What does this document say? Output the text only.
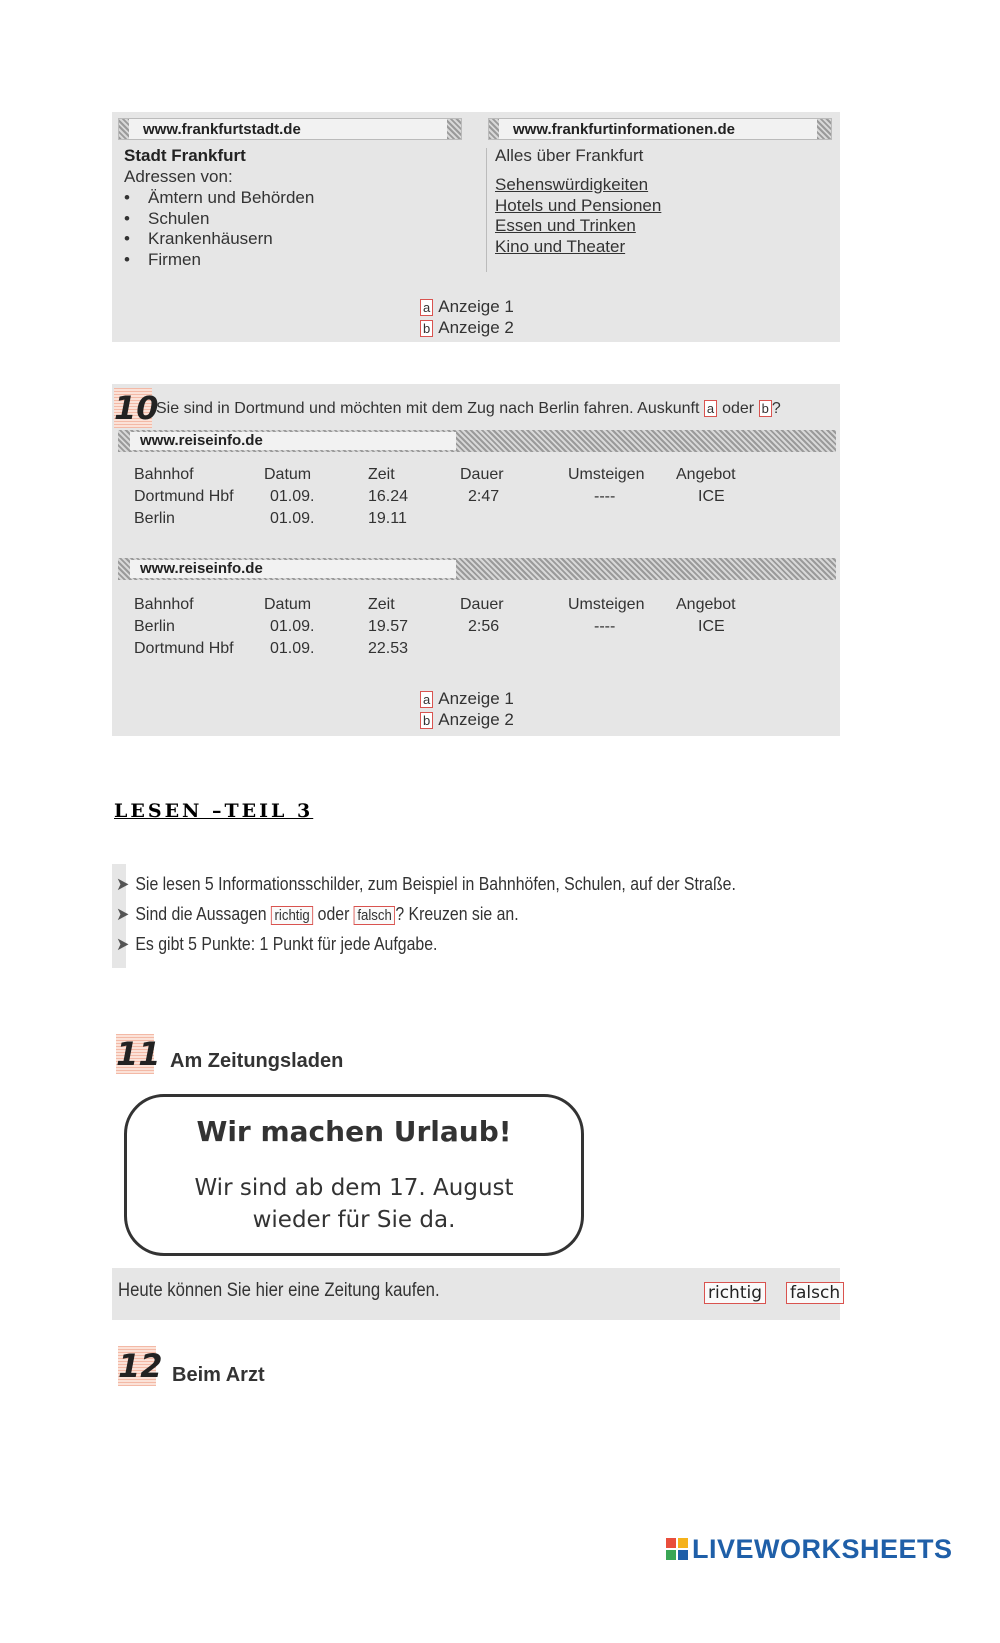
www.frankfurtstadt.de
Stadt Frankfurt
Adressen von:
• Ämtern und Behörden
• Schulen
• Krankenhäusern
• Firmen
www.frankfurtinformationen.de
Alles über Frankfurt
Sehenswürdigkeiten
Hotels und Pensionen
Essen und Trinken
Kino und Theater
a Anzeige 1
b Anzeige 2
10
Sie sind in Dortmund und möchten mit dem Zug nach Berlin fahren. Auskunft a oder b ?
www.reiseinfo.de
Bahnhof	Datum	Zeit	Dauer	Umsteigen	Angebot
Dortmund Hbf	01.09.	16.24	2:47	----	ICE
Berlin	01.09.	19.11			
www.reiseinfo.de
Bahnhof	Datum	Zeit	Dauer	Umsteigen	Angebot
Berlin	01.09.	19.57	2:56	----	ICE
Dortmund Hbf	01.09.	22.53			
a Anzeige 1
b Anzeige 2
LESEN –TEIL 3
➤ Sie lesen 5 Informationsschilder, zum Beispiel in Bahnhöfen, Schulen, auf der Straße.
➤ Sind die Aussagen richtig oder falsch ? Kreuzen sie an.
➤ Es gibt 5 Punkte: 1 Punkt für jede Aufgabe.
11 Am Zeitungsladen
Wir machen Urlaub!
Wir sind ab dem 17. August
wieder für Sie da.
Heute können Sie hier eine Zeitung kaufen.	richtig falsch
12 Beim Arzt
LIVEWORKSHEETS
